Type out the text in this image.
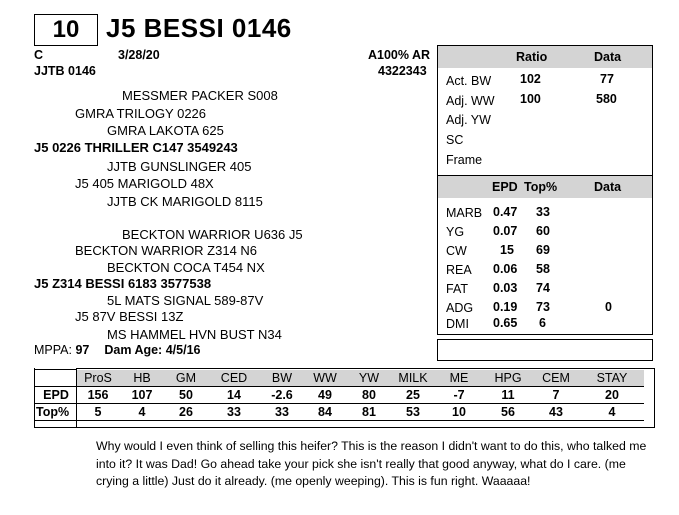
10	J5 BESSI 0146
C	3/28/20	A100% AR
JJTB 0146	4322343
MESSMER PACKER S008
GMRA TRILOGY 0226
GMRA LAKOTA 625
J5 0226 THRILLER C147 3549243
JJTB GUNSLINGER 405
J5 405 MARIGOLD 48X
JJTB CK MARIGOLD 8115
BECKTON WARRIOR U636 J5
BECKTON WARRIOR Z314 N6
BECKTON COCA T454 NX
J5 Z314 BESSI 6183 3577538
5L MATS SIGNAL 589-87V
J5 87V BESSI 13Z
MS HAMMEL HVN BUST N34
MPPA: 97 Dam Age: 4/5/16
Ratio	Data
Act. BW 102	77
Adj. WW 100	580
Adj. YW
SC
Frame
EPD Top%	Data
MARB 0.47 33
YG 0.07 60
CW	15 69
REA 0.06 58
FAT 0.03 74
ADG 0.19 73	0
DMI 0.65 6
	ProS	HB	GM	CED	BW	WW	YW	MILK	ME	HPG	CEM	STAY
EPD	156	107	50	14	-2.6	49	80	25	-7	11	7	20
Top%	5	4	26	33	33	84	81	53	10	56	43	4
Why would I even think of selling this heifer? This is the reason I didn't want to do this, who talked me into it? It was Dad! Go ahead take your pick she isn't really that good anyway, what do I care. (me crying a little) Just do it already. (me openly weeping). This is fun right. Waaaaa!
